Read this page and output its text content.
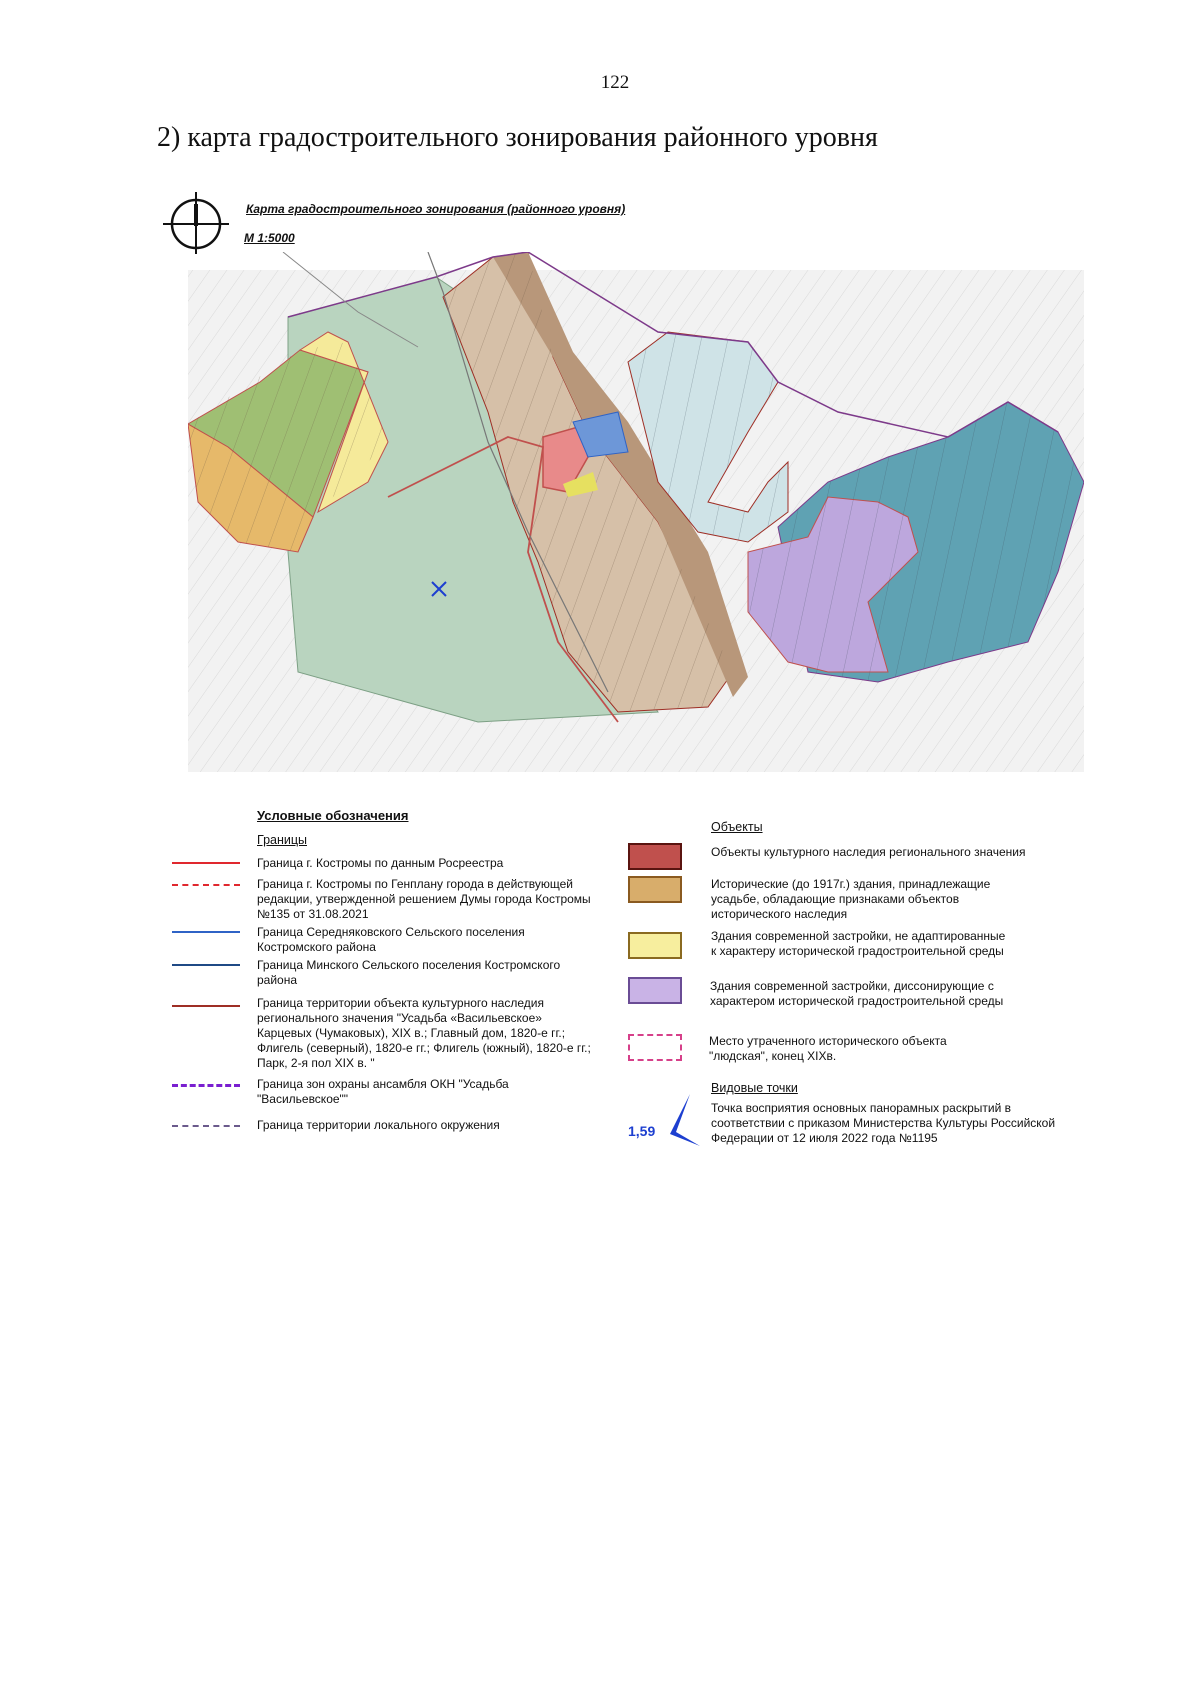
122
2) карта градостроительного зонирования районного уровня
Карта градостроительного зонирования (районного уровня)
М 1:5000
Условные обозначения
Границы
Граница г. Костромы по данным Росреестра
Граница г. Костромы по Генплану города в действующей редакции, утвержденной решением Думы города Костромы №135 от 31.08.2021
Граница Середняковского Сельского поселения Костромского района
Граница Минского Сельского поселения Костромского района
Граница территории объекта культурного наследия регионального значения "Усадьба «Васильевское» Карцевых (Чумаковых), XIX в.; Главный дом, 1820-е гг.; Флигель (северный), 1820-е гг.; Флигель (южный), 1820-е гг.; Парк, 2-я пол XIX в. "
Граница зон охраны ансамбля ОКН "Усадьба "Васильевское""
Граница территории локального окружения
Объекты
Объекты культурного наследия регионального значения
Исторические (до 1917г.) здания, принадлежащие усадьбе, обладающие признаками объектов исторического наследия
Здания современной застройки, не адаптированные к характеру исторической градостроительной среды
Здания современной застройки, диссонирующие с характером исторической градостроительной среды
Место утраченного исторического объекта "людская", конец XIXв.
Видовые точки
1,59
Точка восприятия основных панорамных раскрытий в соответствии с приказом Министерства Культуры Российской Федерации от 12 июля 2022 года №1195
